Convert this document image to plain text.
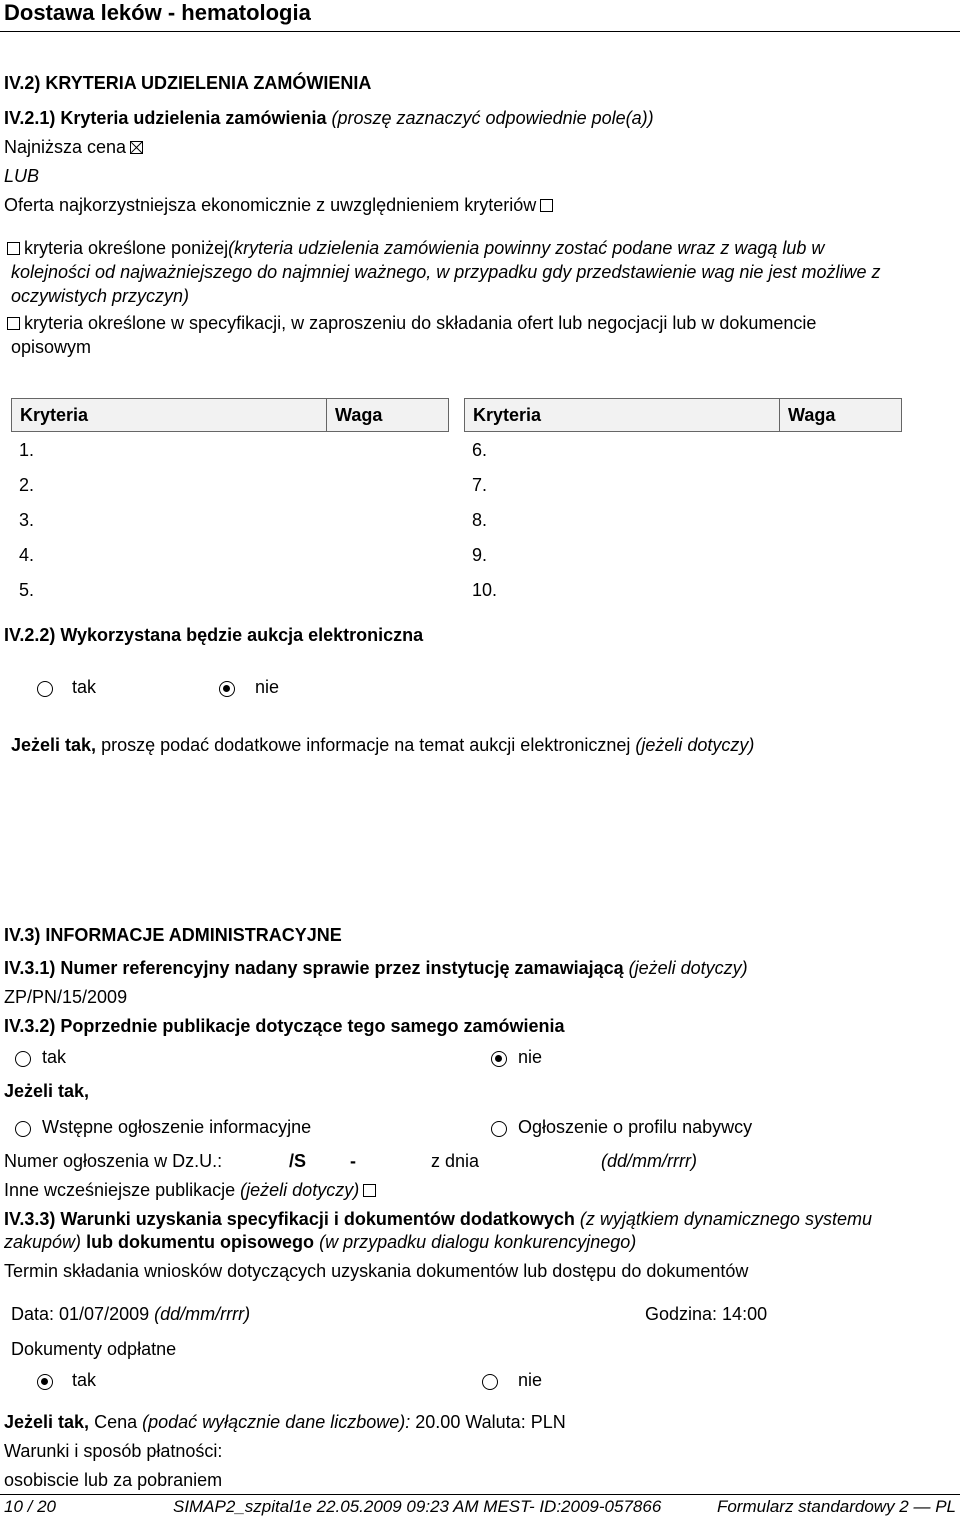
Dostawa leków - hematologia
IV.2) KRYTERIA UDZIELENIA ZAMÓWIENIA
IV.2.1) Kryteria udzielenia zamówienia (proszę zaznaczyć odpowiednie pole(a))
Najniższa cena
LUB
Oferta najkorzystniejsza ekonomicznie z uwzględnieniem kryteriów
kryteria określone poniżej(kryteria udzielenia zamówienia powinny zostać podane wraz z wagą lub w
kolejności od najważniejszego do najmniej ważnego, w przypadku gdy przedstawienie wag nie jest możliwe z
oczywistych przyczyn)
kryteria określone w specyfikacji, w zaproszeniu do składania ofert lub negocjacji lub w dokumencie
opisowym
Kryteria	Waga	Kryteria	Waga
1.
2.
3.
4.
5.
6.
7.
8.
9.
10.
IV.2.2) Wykorzystana będzie aukcja elektroniczna
tak	nie
Jeżeli tak, proszę podać dodatkowe informacje na temat aukcji elektronicznej (jeżeli dotyczy)
IV.3) INFORMACJE ADMINISTRACYJNE
IV.3.1) Numer referencyjny nadany sprawie przez instytucję zamawiającą (jeżeli dotyczy)
ZP/PN/15/2009
IV.3.2) Poprzednie publikacje dotyczące tego samego zamówienia
tak	nie
Jeżeli tak,
Wstępne ogłoszenie informacyjne	Ogłoszenie o profilu nabywcy
Numer ogłoszenia w Dz.U.:	/S -	z dnia	(dd/mm/rrrr)
Inne wcześniejsze publikacje (jeżeli dotyczy)
IV.3.3) Warunki uzyskania specyfikacji i dokumentów dodatkowych (z wyjątkiem dynamicznego systemu
zakupów) lub dokumentu opisowego (w przypadku dialogu konkurencyjnego)
Termin składania wniosków dotyczących uzyskania dokumentów lub dostępu do dokumentów
Data: 01/07/2009 (dd/mm/rrrr)	Godzina: 14:00
Dokumenty odpłatne
tak	nie
Jeżeli tak, Cena (podać wyłącznie dane liczbowe): 20.00 Waluta: PLN
Warunki i sposób płatności:
osobiscie lub za pobraniem
10 / 20	SIMAP2_szpital1e 22.05.2009 09:23 AM MEST- ID:2009-057866	Formularz standardowy 2 — PL
